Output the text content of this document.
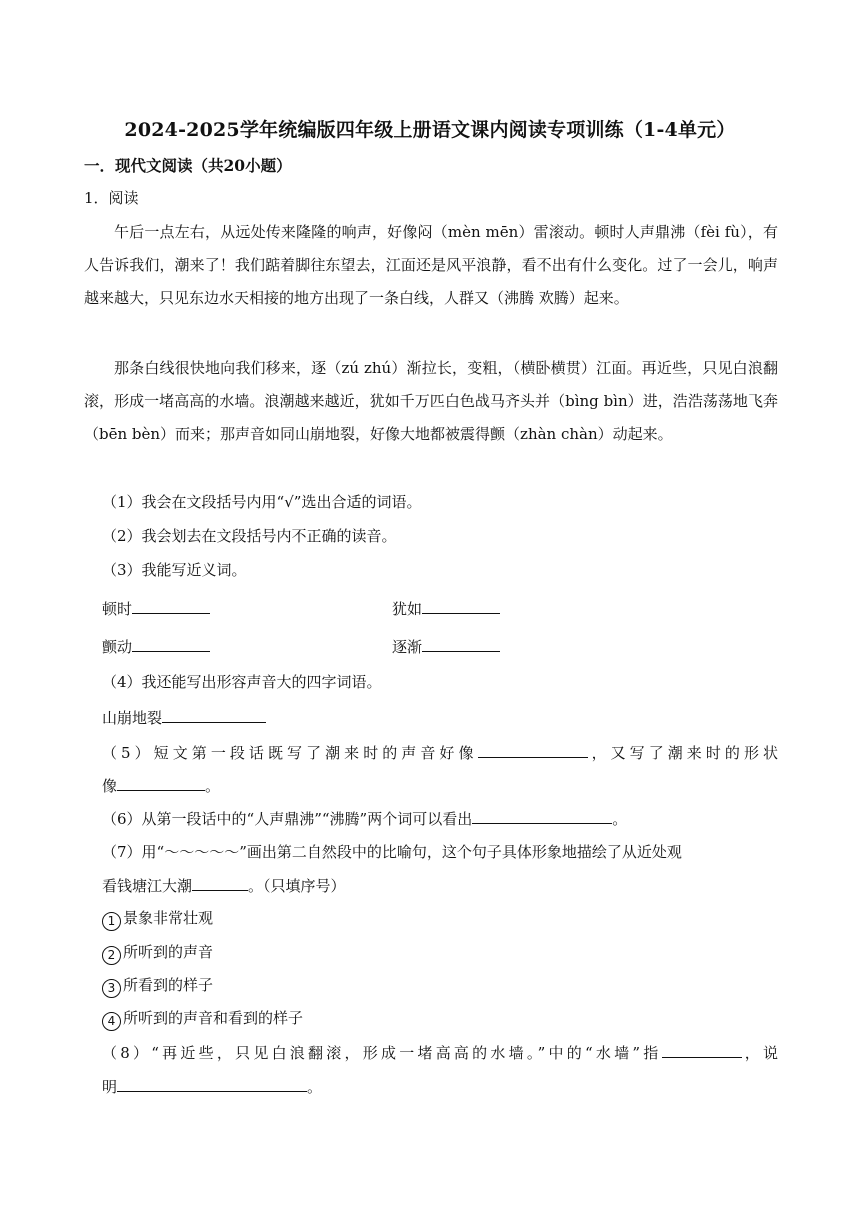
2024-2025学年统编版四年级上册语文课内阅读专项训练（1-4单元）
一．现代文阅读（共20小题）
1．阅读

午后一点左右，从远处传来隆隆的响声，好像闷（mèn mēn）雷滚动。顿时人声鼎沸（fèi fù），有人告诉我们，潮来了！我们踮着脚往东望去，江面还是风平浪静，看不出有什么变化。过了一会儿，响声越来越大，只见东边水天相接的地方出现了一条白线，人群又（沸腾 欢腾）起来。

那条白线很快地向我们移来，逐（zú zhú）渐拉长，变粗，（横卧横贯）江面。再近些，只见白浪翻滚，形成一堵高高的水墙。浪潮越来越近，犹如千万匹白色战马齐头并（bìng bìn）进，浩浩荡荡地飞奔（bēn bèn）而来；那声音如同山崩地裂，好像大地都被震得颤（zhàn chàn）动起来。

（1）我会在文段括号内用“√”选出合适的词语。
（2）我会划去在文段括号内不正确的读音。
（3）我能写近义词。
顿时	犹如
颤动	逐渐
（4）我还能写出形容声音大的四字词语。
山崩地裂
（5）短文第一段话既写了潮来时的声音好像	，又写了潮来时的形状
像	。
（6）从第一段话中的“人声鼎沸”“沸腾”两个词可以看出	。
（7）用“～～～～～”画出第二自然段中的比喻句，这个句子具体形象地描绘了从近处观
看钱塘江大潮	。（只填序号）
1 景象非常壮观
2 所听到的声音
3 所看到的样子
4 所听到的声音和看到的样子
（8）“再近些，只见白浪翻滚，形成一堵高高的水墙。”中的“水墙”指	，说
明	。
